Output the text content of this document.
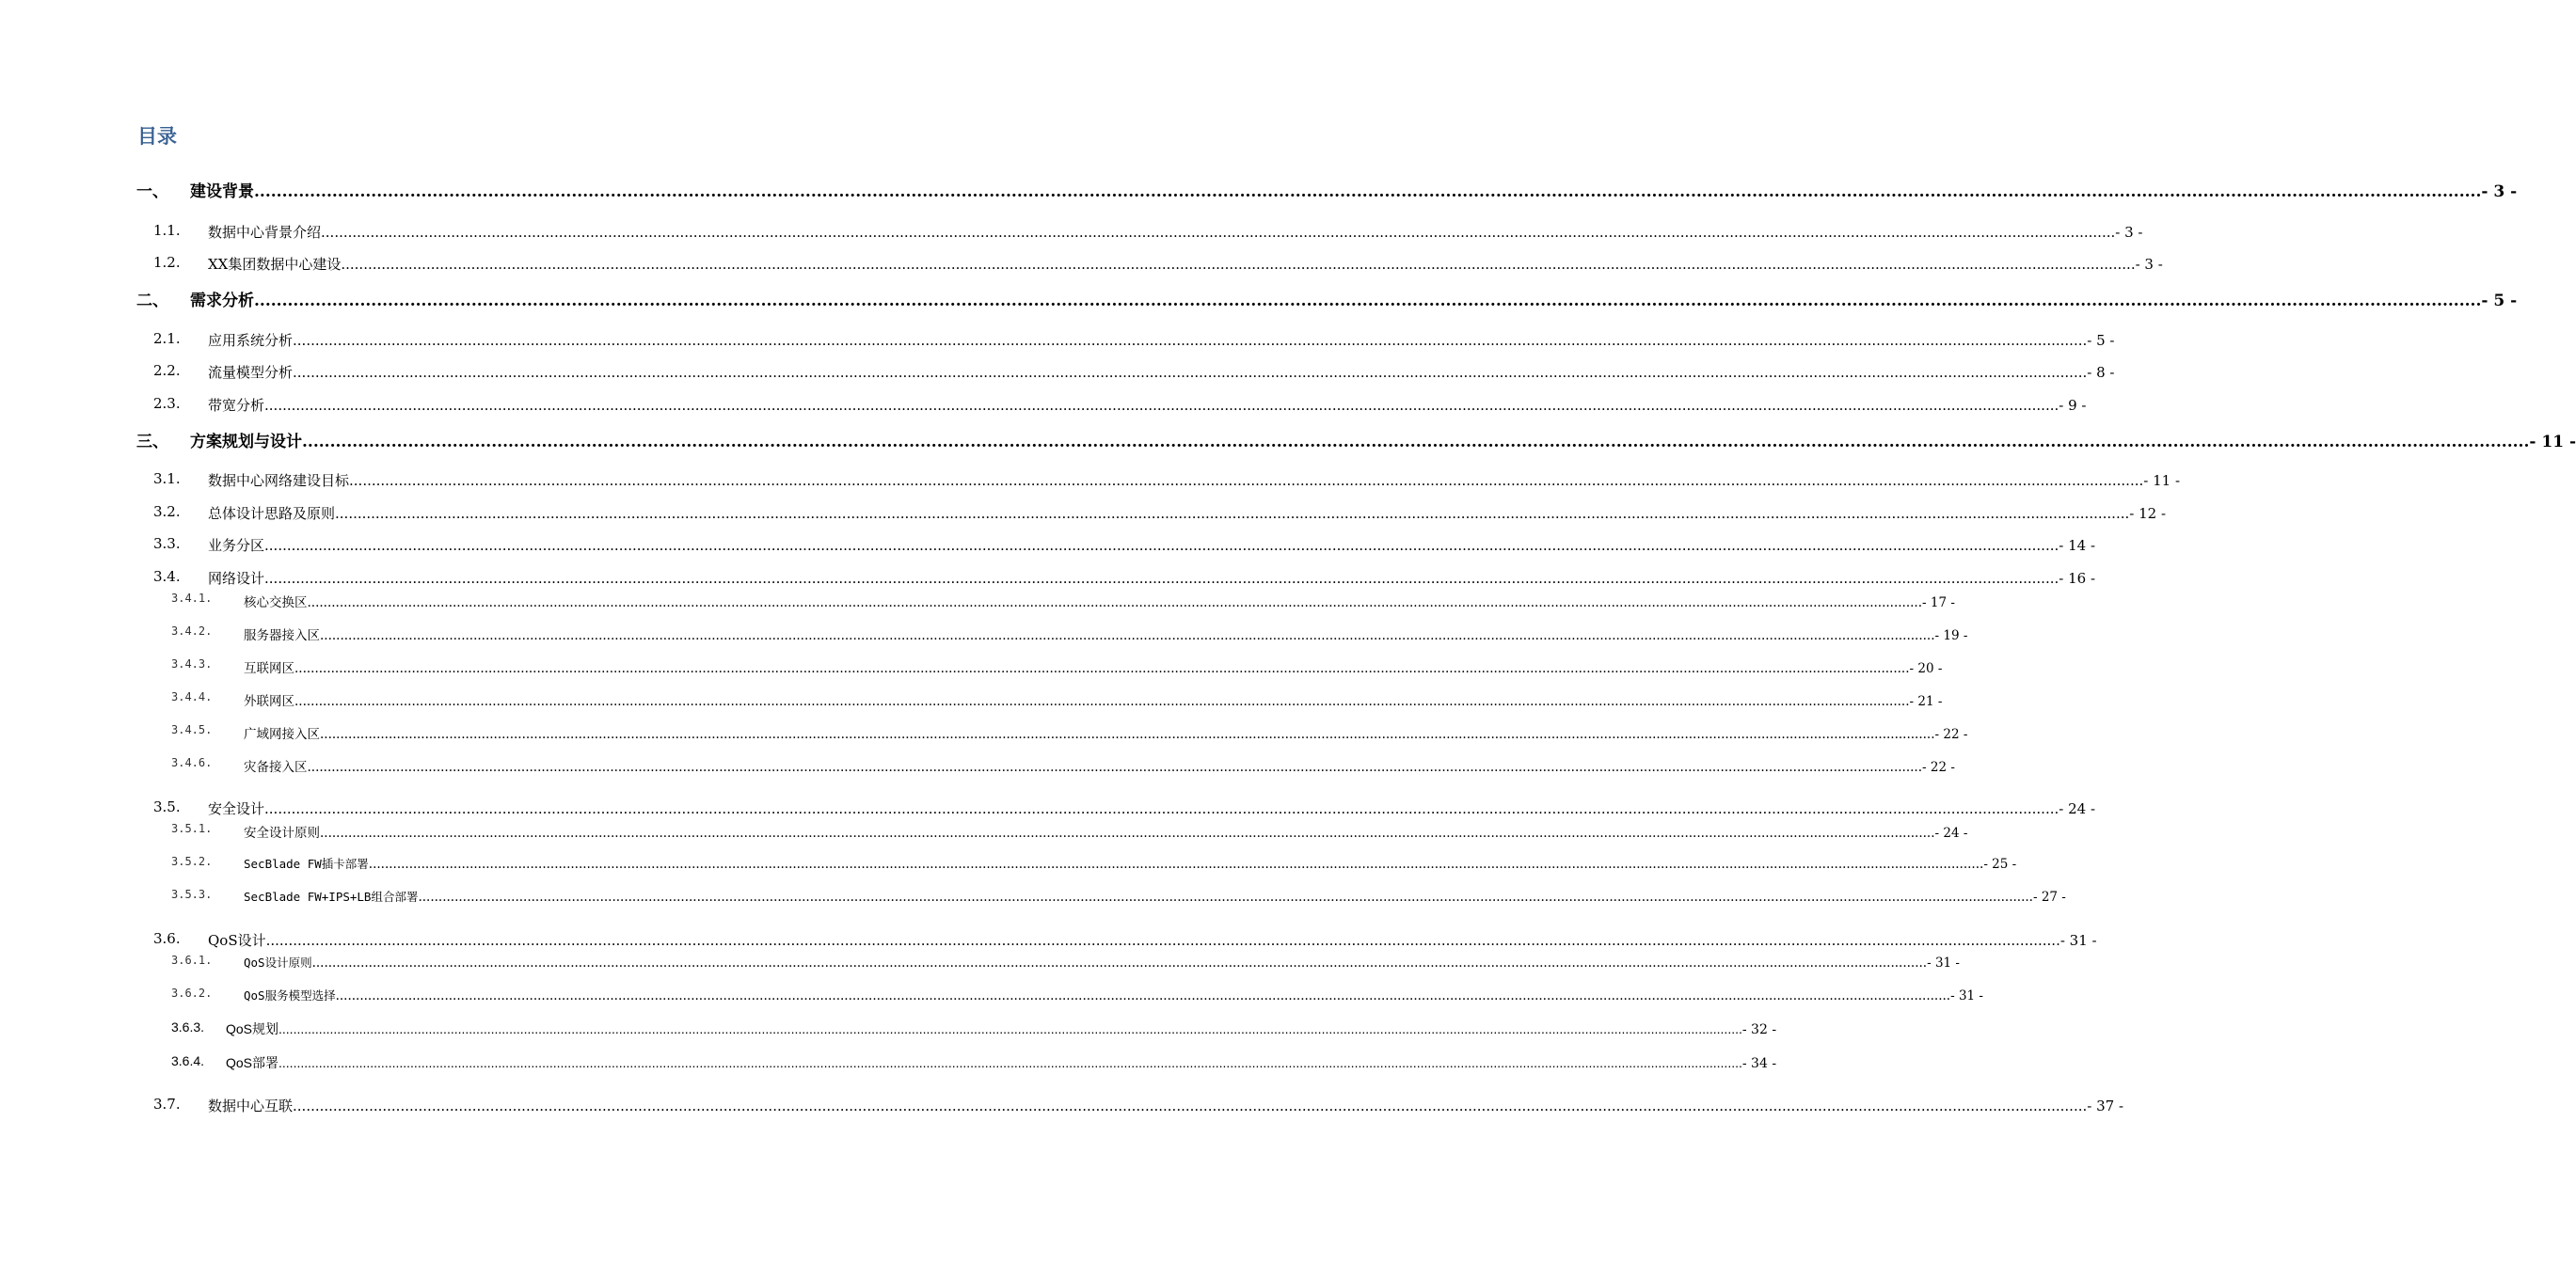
目录
一、 建设背景 ................................................................................................................................................................................................................................................................................................................................................................................................................ - 3 -
1.1. 数据中心背景介绍 ................................................................................................................................................................................................................................................................................................................................................................................................................ - 3 -
1.2. XX集团数据中心建设 ................................................................................................................................................................................................................................................................................................................................................................................................................ - 3 -
二、 需求分析 ................................................................................................................................................................................................................................................................................................................................................................................................................ - 5 -
2.1. 应用系统分析 ................................................................................................................................................................................................................................................................................................................................................................................................................ - 5 -
2.2. 流量模型分析 ................................................................................................................................................................................................................................................................................................................................................................................................................ - 8 -
2.3. 带宽分析 ................................................................................................................................................................................................................................................................................................................................................................................................................ - 9 -
三、 方案规划与设计 ................................................................................................................................................................................................................................................................................................................................................................................................................ - 11 -
3.1. 数据中心网络建设目标 ................................................................................................................................................................................................................................................................................................................................................................................................................ - 11 -
3.2. 总体设计思路及原则 ................................................................................................................................................................................................................................................................................................................................................................................................................ - 12 -
3.3. 业务分区 ................................................................................................................................................................................................................................................................................................................................................................................................................ - 14 -
3.4. 网络设计 ................................................................................................................................................................................................................................................................................................................................................................................................................ - 16 -
3.4.1. 核心交换区 ................................................................................................................................................................................................................................................................................................................................................................................................................ - 17 -
3.4.2. 服务器接入区 ................................................................................................................................................................................................................................................................................................................................................................................................................ - 19 -
3.4.3. 互联网区 ................................................................................................................................................................................................................................................................................................................................................................................................................ - 20 -
3.4.4. 外联网区 ................................................................................................................................................................................................................................................................................................................................................................................................................ - 21 -
3.4.5. 广域网接入区 ................................................................................................................................................................................................................................................................................................................................................................................................................ - 22 -
3.4.6. 灾备接入区 ................................................................................................................................................................................................................................................................................................................................................................................................................ - 22 -
3.5. 安全设计 ................................................................................................................................................................................................................................................................................................................................................................................................................ - 24 -
3.5.1. 安全设计原则 ................................................................................................................................................................................................................................................................................................................................................................................................................ - 24 -
3.5.2.	SecBlade FW插卡部署 ................................................................................................................................................................................................................................................................................................................................................................................................................ - 25 -
3.5.3.	SecBlade FW+IPS+LB组合部署 ................................................................................................................................................................................................................................................................................................................................................................................................................ - 27 -
3.6. QoS设计 ................................................................................................................................................................................................................................................................................................................................................................................................................ - 31 -
3.6.1.	QoS设计原则 ................................................................................................................................................................................................................................................................................................................................................................................................................ - 31 -
3.6.2.	QoS服务模型选择 ................................................................................................................................................................................................................................................................................................................................................................................................................ - 31 -
3.6.3. QoS规划 ................................................................................................................................................................................................................................................................................................................................................................................................................ - 32 -
3.6.4. QoS部署 ................................................................................................................................................................................................................................................................................................................................................................................................................ - 34 -
3.7. 数据中心互联 ................................................................................................................................................................................................................................................................................................................................................................................................................ - 37 -
